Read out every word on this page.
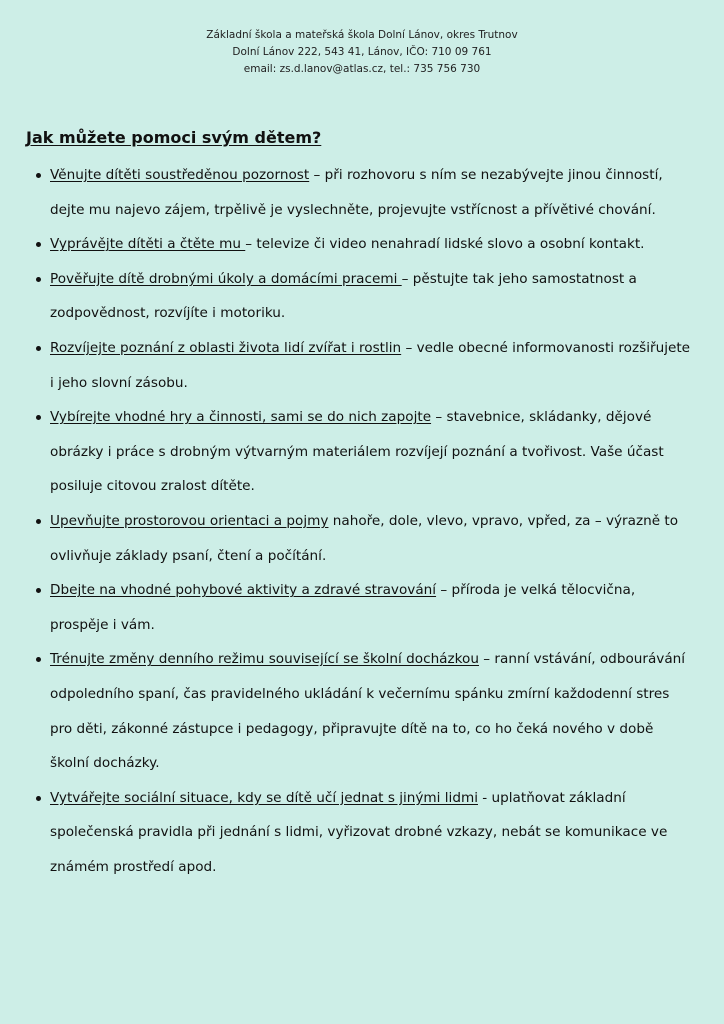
Základní škola a mateřská škola Dolní Lánov, okres Trutnov
Dolní Lánov 222, 543 41, Lánov, IČO: 710 09 761
email: zs.d.lanov@atlas.cz, tel.: 735 756 730
Jak můžete pomoci svým dětem?
Věnujte dítěti soustředěnou pozornost – při rozhovoru s ním se nezabývejte jinou činností, dejte mu najevo zájem, trpělivě je vyslechněte, projevujte vstřícnost a přívětivé chování.
Vyprávějte dítěti a čtěte mu – televize či video nenahradí lidské slovo a osobní kontakt.
Pověřujte dítě drobnými úkoly a domácími pracemi – pěstujte tak jeho samostatnost a zodpovědnost, rozvíjíte i motoriku.
Rozvíjejte poznání z oblasti života lidí zvířat i rostlin – vedle obecné informovanosti rozšiřujete i jeho slovní zásobu.
Vybírejte vhodné hry a činnosti, sami se do nich zapojte – stavebnice, skládanky, dějové obrázky i práce s drobným výtvarným materiálem rozvíjejí poznání a tvořivost. Vaše účast posiluje citovou zralost dítěte.
Upevňujte prostorovou orientaci a pojmy nahoře, dole, vlevo, vpravo, vpřed, za – výrazně to ovlivňuje základy psaní, čtení a počítání.
Dbejte na vhodné pohybové aktivity a zdravé stravování – příroda je velká tělocvična, prospěje i vám.
Trénujte změny denního režimu související se školní docházkou – ranní vstávání, odbourávání odpoledního spaní, čas pravidelného ukládání k večernímu spánku zmírní každodenní stres pro děti, zákonné zástupce i pedagogy, připravujte dítě na to, co ho čeká nového v době školní docházky.
Vytvářejte sociální situace, kdy se dítě učí jednat s jinými lidmi - uplatňovat základní společenská pravidla při jednání s lidmi, vyřizovat drobné vzkazy, nebát se komunikace ve známém prostředí apod.
